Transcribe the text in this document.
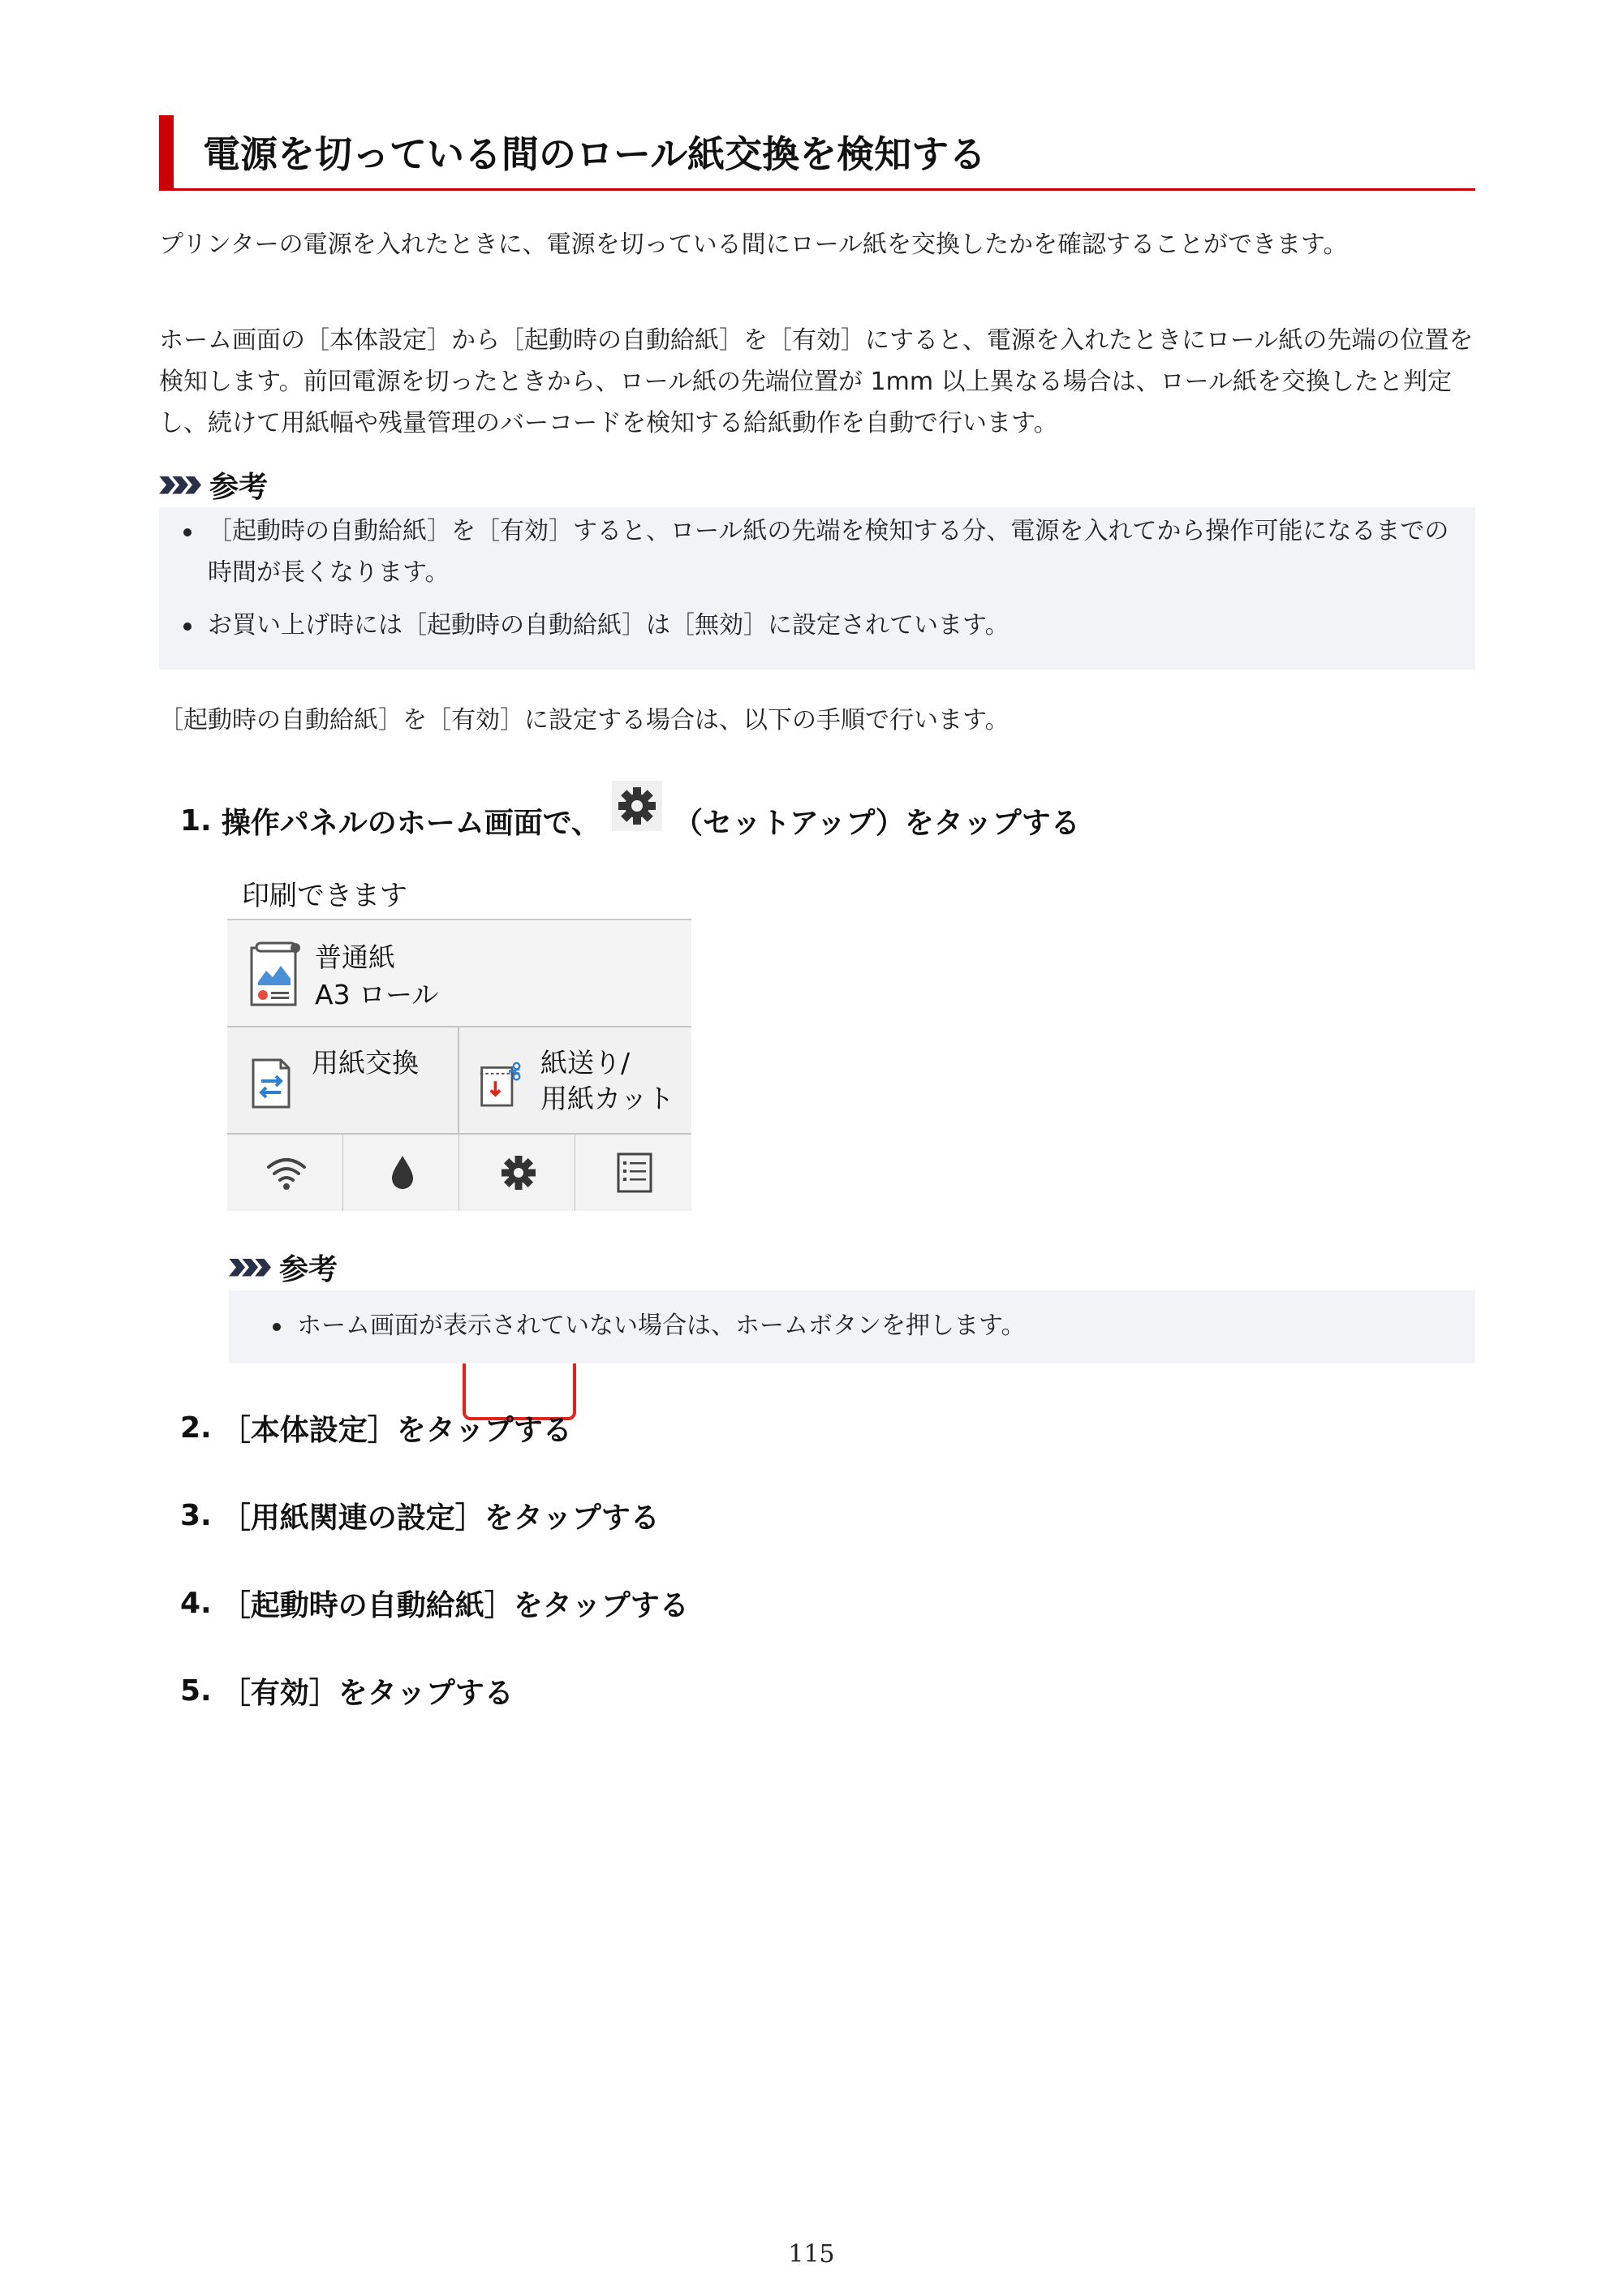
電源を切っている間のロール紙交換を検知する
プリンターの電源を入れたときに、電源を切っている間にロール紙を交換したかを確認することができます。
ホーム画面の［本体設定］から［起動時の自動給紙］を［有効］にすると、電源を入れたときにロール紙の先端の位置を検知します。前回電源を切ったときから、ロール紙の先端位置が 1mm 以上異なる場合は、ロール紙を交換したと判定し、続けて用紙幅や残量管理のバーコードを検知する給紙動作を自動で行います。
参考
［起動時の自動給紙］を［有効］すると、ロール紙の先端を検知する分、電源を入れてから操作可能になるまでの時間が長くなります。
お買い上げ時には［起動時の自動給紙］は［無効］に設定されています。
［起動時の自動給紙］を［有効］に設定する場合は、以下の手順で行います。
1. 操作パネルのホーム画面で、	（セットアップ）をタップする
印刷できます
普通紙
A3 ロール
用紙交換	紙送り/
用紙カット
参考
ホーム画面が表示されていない場合は、ホームボタンを押します。
2. ［本体設定］をタップする
3. ［用紙関連の設定］をタップする
4. ［起動時の自動給紙］をタップする
5. ［有効］をタップする
115
